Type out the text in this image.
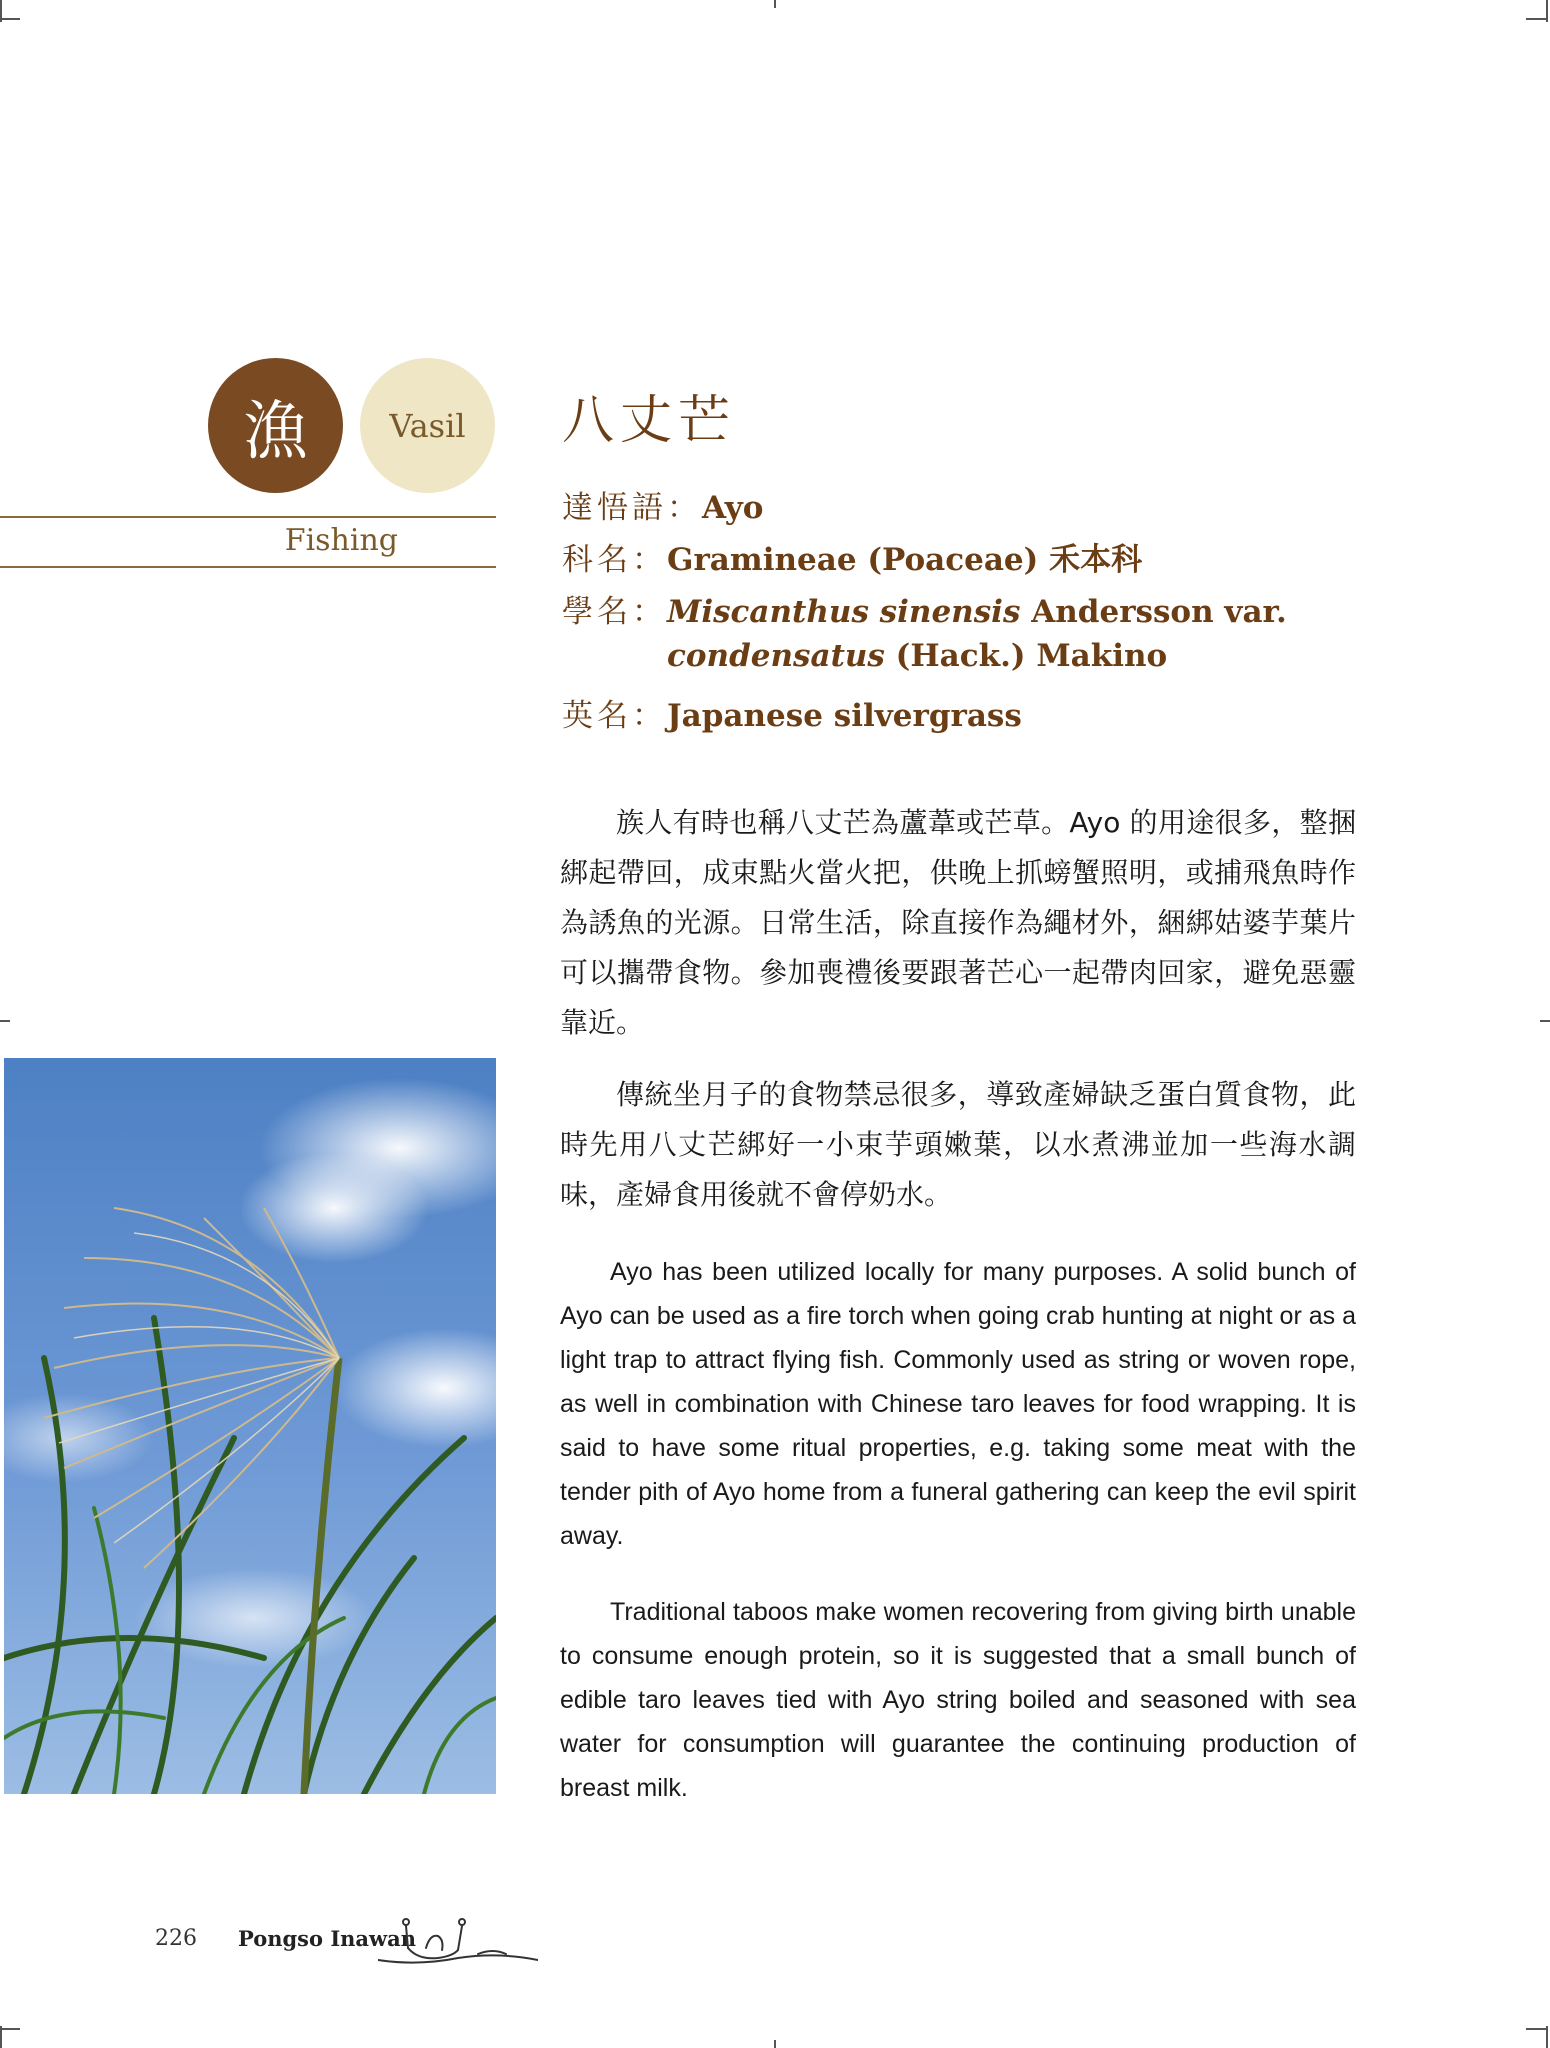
漁	Vasil
Fishing
八丈芒
達悟語：Ayo
科名：Gramineae (Poaceae) 禾本科
學名：Miscanthus sinensis Andersson var.
condensatus (Hack.) Makino
英名：Japanese silvergrass

族人有時也稱八丈芒為蘆葦或芒草。Ayo 的用途很多，整捆綁起帶回，成束點火當火把，供晚上抓螃蟹照明，或捕飛魚時作為誘魚的光源。日常生活，除直接作為繩材外，綑綁姑婆芋葉片可以攜帶食物。參加喪禮後要跟著芒心一起帶肉回家，避免惡靈靠近。

傳統坐月子的食物禁忌很多，導致產婦缺乏蛋白質食物，此時先用八丈芒綁好一小束芋頭嫩葉，以水煮沸並加一些海水調味，產婦食用後就不會停奶水。

Ayo has been utilized locally for many purposes. A solid bunch of Ayo can be used as a fire torch when going crab hunting at night or as a light trap to attract flying fish. Commonly used as string or woven rope, as well in combination with Chinese taro leaves for food wrapping. It is said to have some ritual properties, e.g. taking some meat with the tender pith of Ayo home from a funeral gathering can keep the evil spirit away.

Traditional taboos make women recovering from giving birth unable to consume enough protein, so it is suggested that a small bunch of edible taro leaves tied with Ayo string boiled and seasoned with sea water for consumption will guarantee the continuing production of breast milk.

226 Pongso Inawan
